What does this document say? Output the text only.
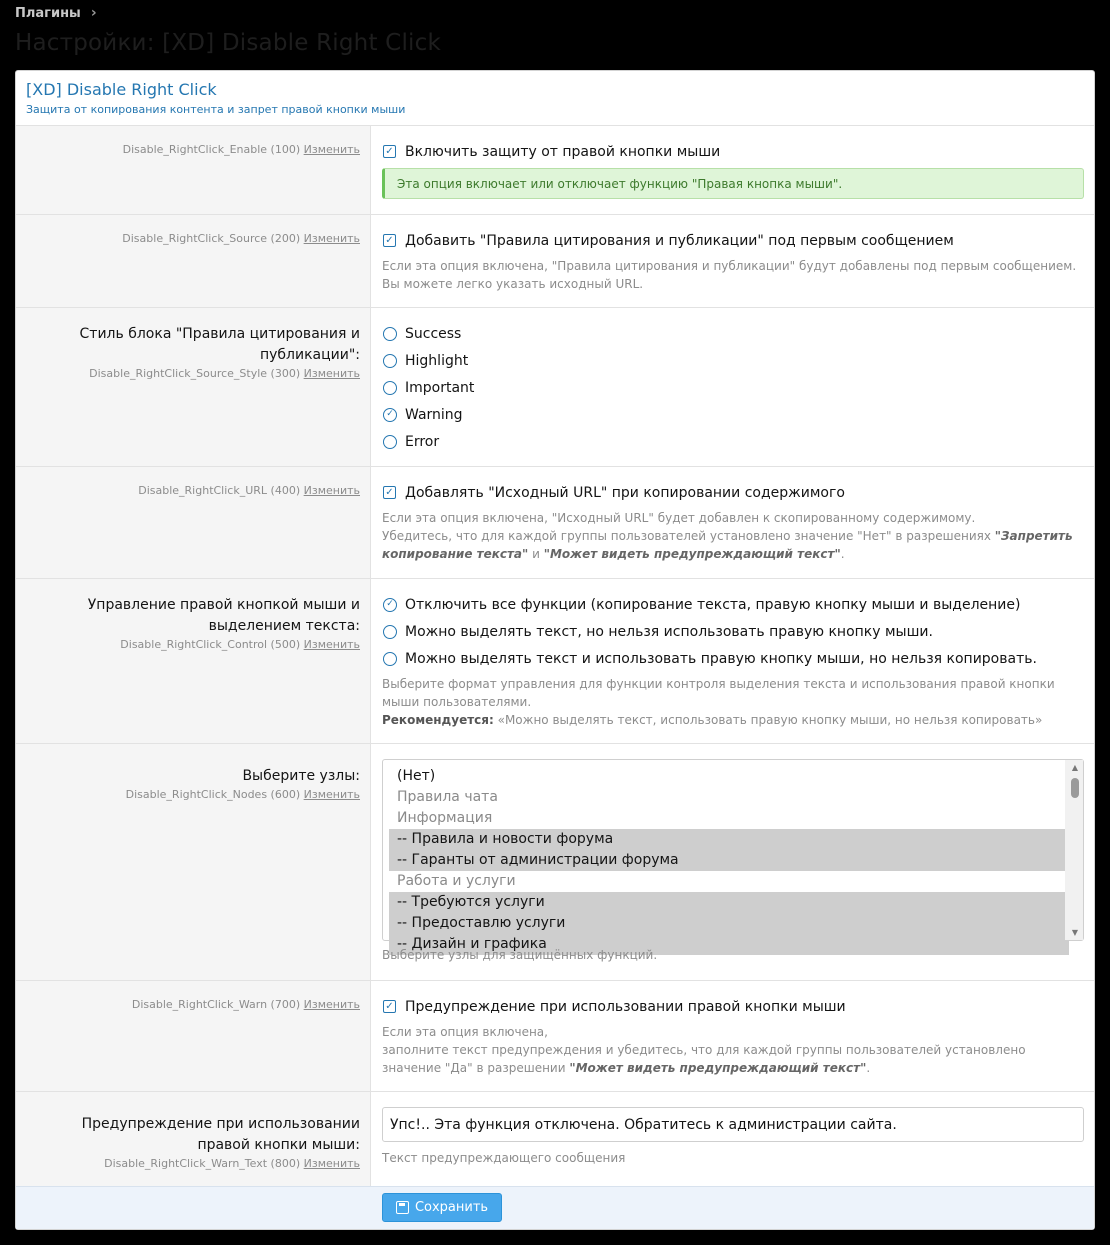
Плагины ›
Настройки: [XD] Disable Right Click
[XD] Disable Right Click
Защита от копирования контента и запрет правой кнопки мыши
Disable_RightClick_Enable (100) Изменить	✓ Включить защиту от правой кнопки мыши
Эта опция включает или отключает функцию "Правая кнопка мыши".
Disable_RightClick_Source (200) Изменить	✓ Добавить "Правила цитирования и публикации" под первым сообщением
Если эта опция включена, "Правила цитирования и публикации" будут добавлены под первым сообщением. Вы можете легко указать исходный URL.
Стиль блока "Правила цитирования и публикации":
Disable_RightClick_Source_Style (300) Изменить
Success
Highlight
Important
✓ Warning
Error
Disable_RightClick_URL (400) Изменить	✓ Добавлять "Исходный URL" при копировании содержимого
Если эта опция включена, "Исходный URL" будет добавлен к скопированному содержимому.
Убедитесь, что для каждой группы пользователей установлено значение "Нет" в разрешениях "Запретить копирование текста" и "Может видеть предупреждающий текст".
Управление правой кнопкой мыши и выделением текста:
Disable_RightClick_Control (500) Изменить
✓ Отключить все функции (копирование текста, правую кнопку мыши и выделение)
Можно выделять текст, но нельзя использовать правую кнопку мыши.
Можно выделять текст и использовать правую кнопку мыши, но нельзя копировать.
Выберите формат управления для функции контроля выделения текста и использования правой кнопки мыши пользователями.
Рекомендуется: «Можно выделять текст, использовать правую кнопку мыши, но нельзя копировать»
Выберите узлы:
Disable_RightClick_Nodes (600) Изменить
(Нет)
Правила чата
Информация
-- Правила и новости форума
-- Гаранты от администрации форума
Работа и услуги
-- Требуются услуги
-- Предоставлю услуги
-- Дизайн и графика
▲
▼
Выберите узлы для защищённых функций.
Disable_RightClick_Warn (700) Изменить	✓ Предупреждение при использовании правой кнопки мыши
Если эта опция включена,
заполните текст предупреждения и убедитесь, что для каждой группы пользователей установлено значение "Да" в разрешении "Может видеть предупреждающий текст".
Предупреждение при использовании правой кнопки мыши:
Disable_RightClick_Warn_Text (800) Изменить
Упс!.. Эта функция отключена. Обратитесь к администрации сайта. Текст предупреждающего сообщения
Сохранить
